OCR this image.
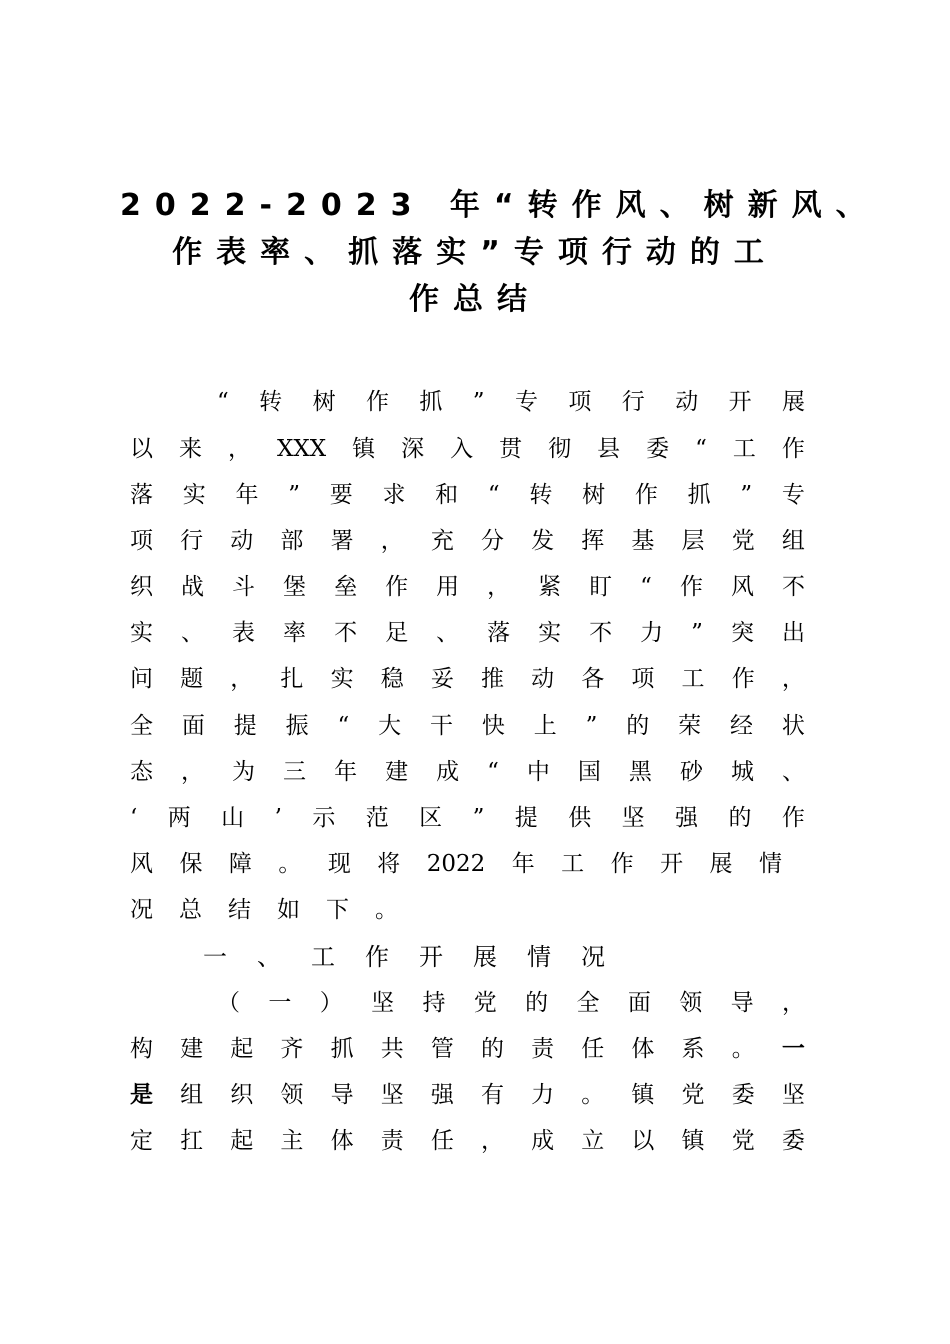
2022-2023 年“转作风、树新风、
作表率、抓落实”专项行动的工
作总结
“ 转 树 作 抓 ” 专 项 行 动 开 展
以 来 ， XXX 镇 深 入 贯 彻 县 委 “ 工 作
落 实 年 ” 要 求 和 “ 转 树 作 抓 ” 专
项 行 动 部 署 ， 充 分 发 挥 基 层 党 组
织 战 斗 堡 垒 作 用 ， 紧 盯 “ 作 风 不
实 、 表 率 不 足 、 落 实 不 力 ” 突 出
问 题 ， 扎 实 稳 妥 推 动 各 项 工 作 ，
全 面 提 振 “ 大 干 快 上 ” 的 荣 经 状
态 ， 为 三 年 建 成 “ 中 国 黑 砂 城 、
‘ 两 山 ’ 示 范 区 ” 提 供 坚 强 的 作
风 保 障 。 现 将 2022 年 工 作 开 展 情
况总结如下。
一、工作开展情况
（ 一 ） 坚 持 党 的 全 面 领 导 ，
构 建 起 齐 抓 共 管 的 责 任 体 系 。 一
是 组 织 领 导 坚 强 有 力 。 镇 党 委 坚
定 扛 起 主 体 责 任 ， 成 立 以 镇 党 委
